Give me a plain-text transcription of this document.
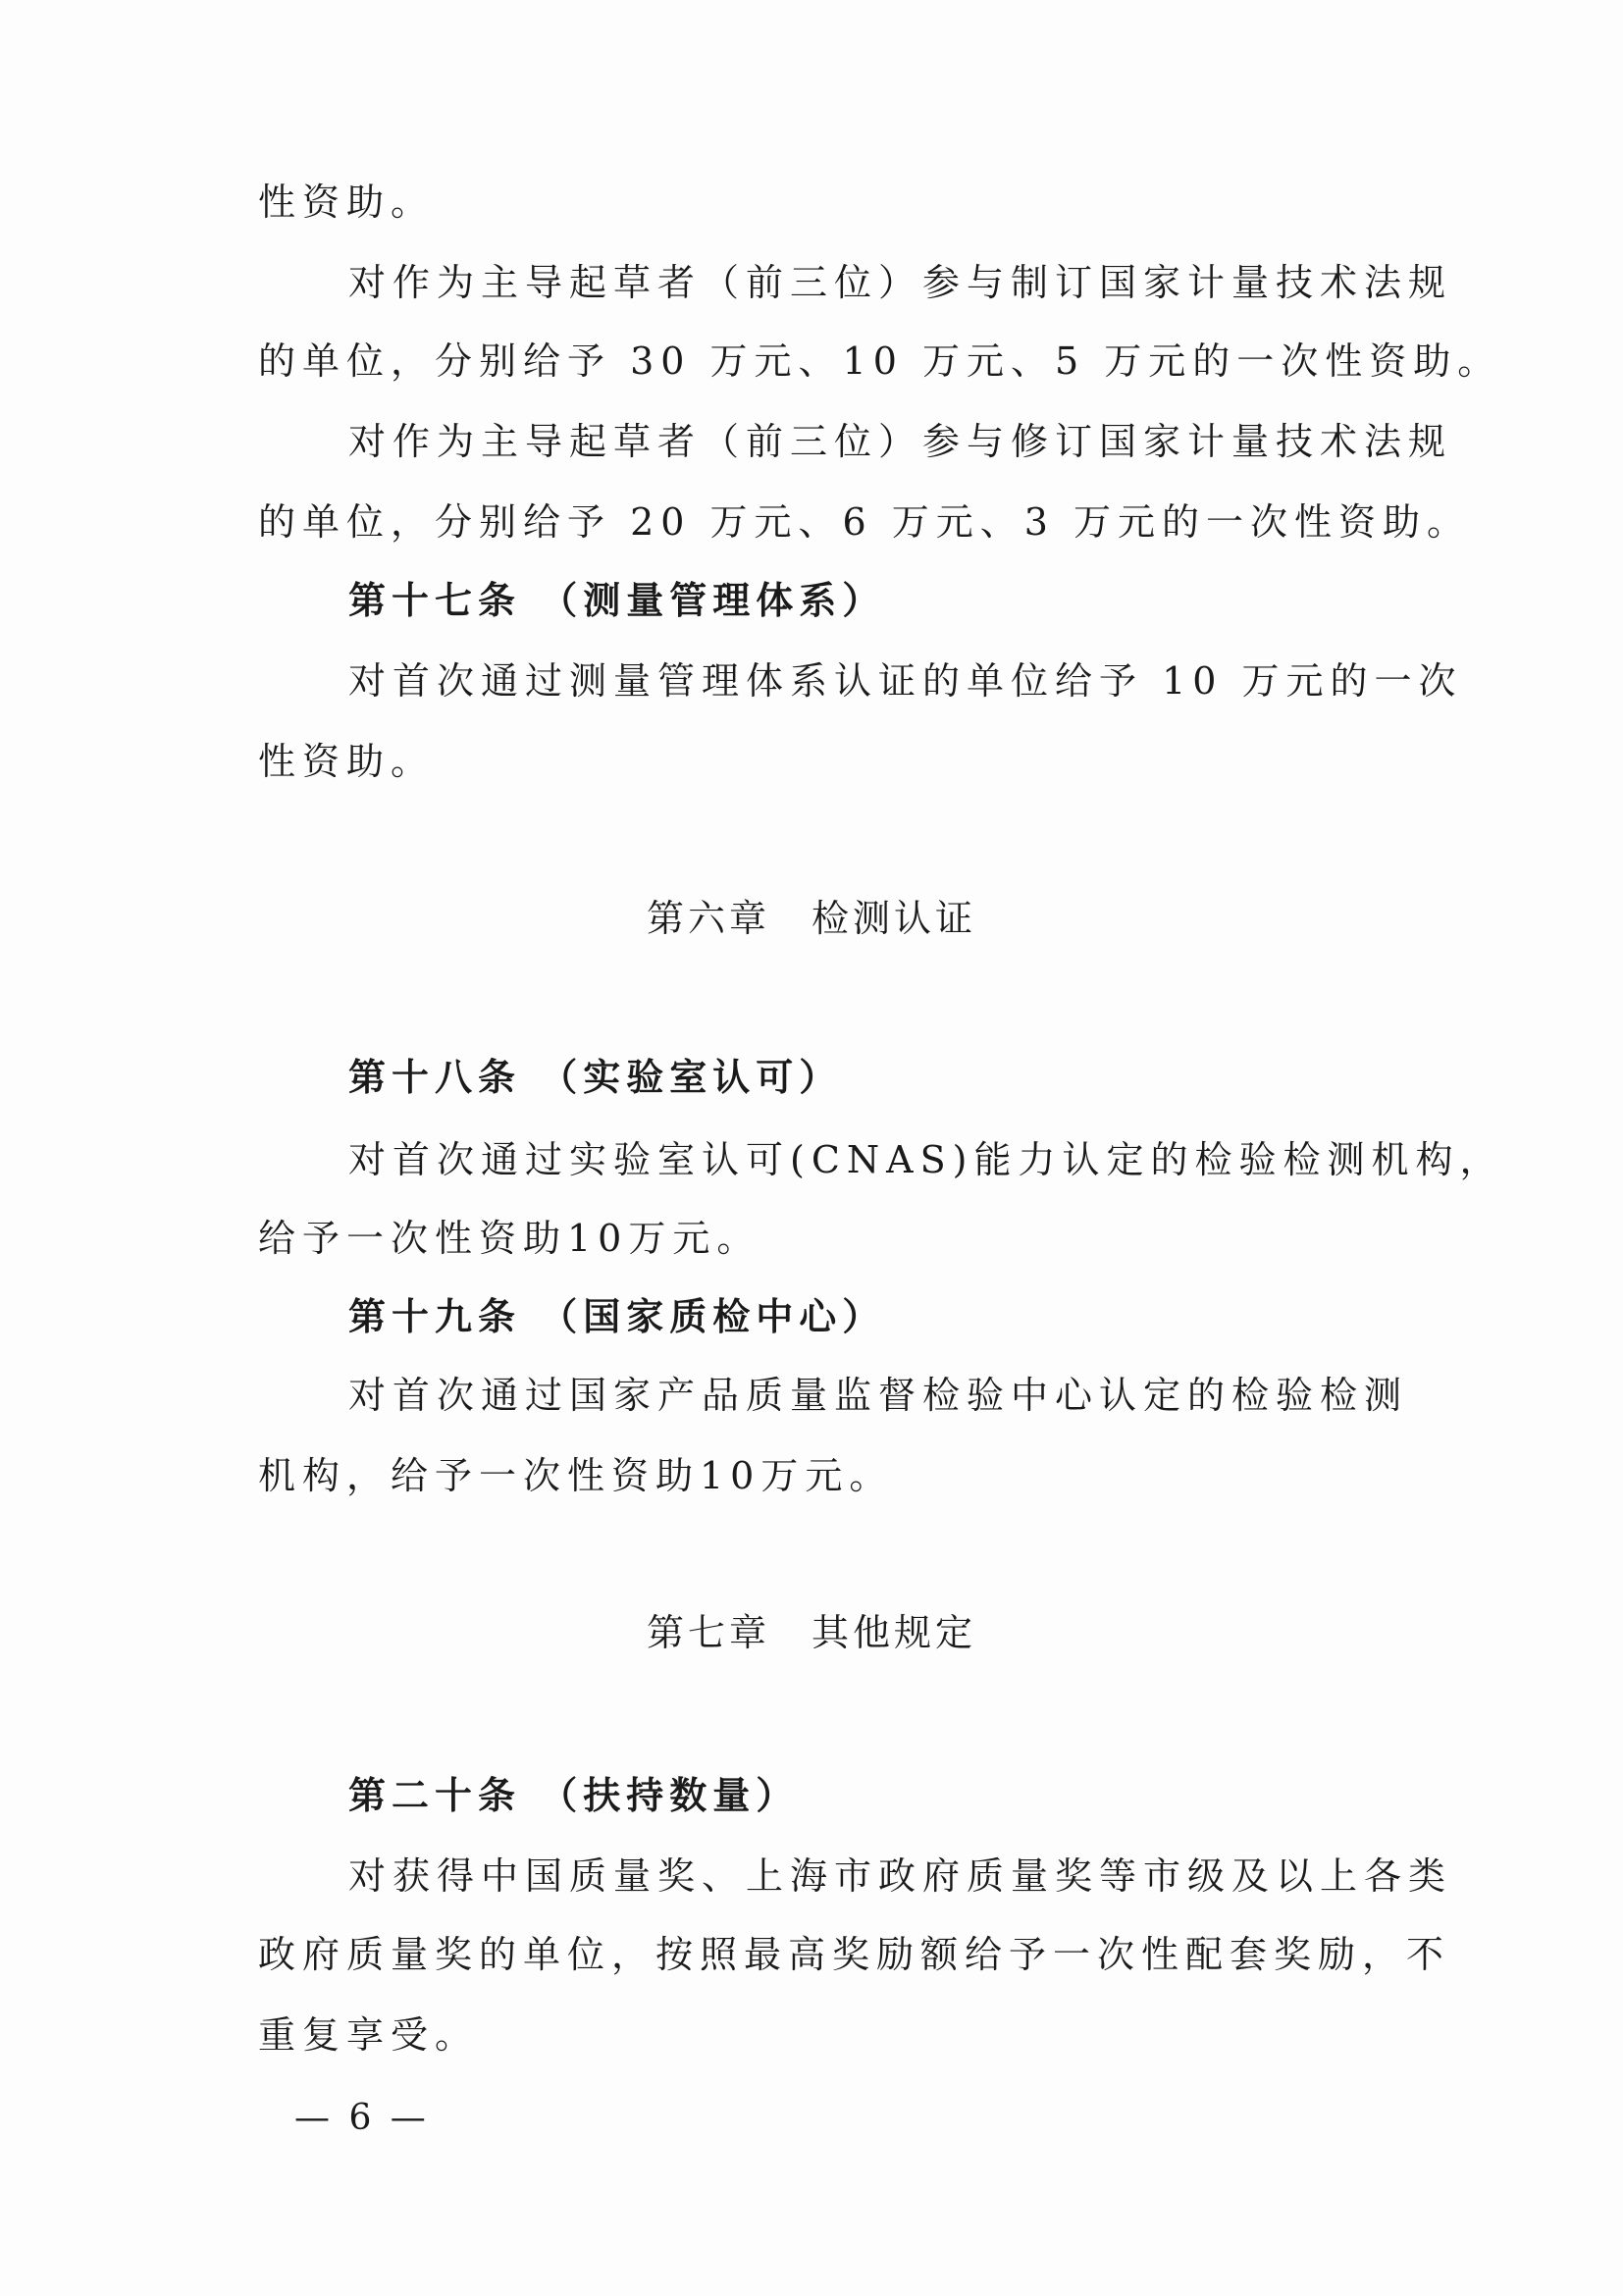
性资助。
对作为主导起草者（前三位）参与制订国家计量技术法规
的单位，分别给予 30 万元、10 万元、5 万元的一次性资助。
对作为主导起草者（前三位）参与修订国家计量技术法规
的单位，分别给予 20 万元、6 万元、3 万元的一次性资助。
第十七条 （测量管理体系）
对首次通过测量管理体系认证的单位给予 10 万元的一次
性资助。
第六章　检测认证
第十八条 （实验室认可）
对首次通过实验室认可(CNAS)能力认定的检验检测机构，
给予一次性资助10万元。
第十九条 （国家质检中心）
对首次通过国家产品质量监督检验中心认定的检验检测
机构，给予一次性资助10万元。
第七章　其他规定
第二十条 （扶持数量）
对获得中国质量奖、上海市政府质量奖等市级及以上各类
政府质量奖的单位，按照最高奖励额给予一次性配套奖励，不
重复享受。
— 6 —
